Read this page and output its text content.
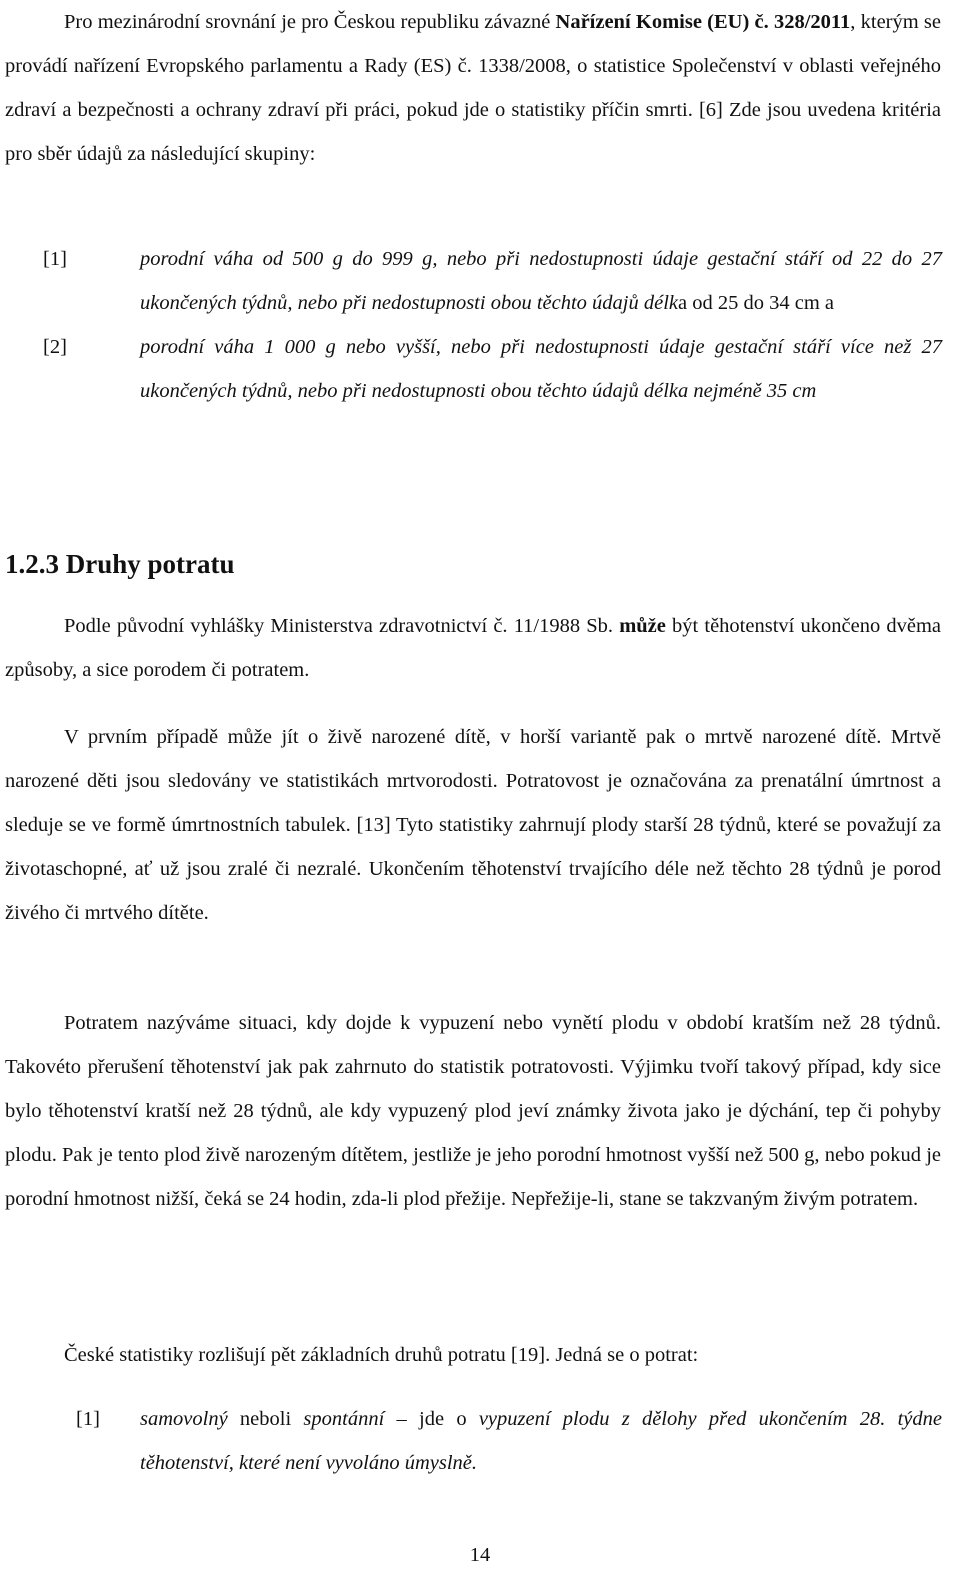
Pro mezinárodní srovnání je pro Českou republiku závazné Nařízení Komise (EU) č. 328/2011, kterým se provádí nařízení Evropského parlamentu a Rady (ES) č. 1338/2008, o statistice Společenství v oblasti veřejného zdraví a bezpečnosti a ochrany zdraví při práci, pokud jde o statistiky příčin smrti. [6] Zde jsou uvedena kritéria pro sběr údajů za následující skupiny:

[1]	porodní váha od 500 g do 999 g, nebo při nedostupnosti údaje gestační stáří od 22 do 27 ukončených týdnů, nebo při nedostupnosti obou těchto údajů délka od 25 do 34 cm a

[2]	porodní váha 1 000 g nebo vyšší, nebo při nedostupnosti údaje gestační stáří více než 27 ukončených týdnů, nebo při nedostupnosti obou těchto údajů délka nejméně 35 cm

1.2.3 Druhy potratu

Podle původní vyhlášky Ministerstva zdravotnictví č. 11/1988 Sb. může být těhotenství ukončeno dvěma způsoby, a sice porodem či potratem.

V prvním případě může jít o živě narozené dítě, v horší variantě pak o mrtvě narozené dítě. Mrtvě narozené děti jsou sledovány ve statistikách mrtvorodosti. Potratovost je označována za prenatální úmrtnost a sleduje se ve formě úmrtnostních tabulek. [13] Tyto statistiky zahrnují plody starší 28 týdnů, které se považují za životaschopné, ať už jsou zralé či nezralé. Ukončením těhotenství trvajícího déle než těchto 28 týdnů je porod živého či mrtvého dítěte.

Potratem nazýváme situaci, kdy dojde k vypuzení nebo vynětí plodu v období kratším než 28 týdnů. Takovéto přerušení těhotenství jak pak zahrnuto do statistik potratovosti. Výjimku tvoří takový případ, kdy sice bylo těhotenství kratší než 28 týdnů, ale kdy vypuzený plod jeví známky života jako je dýchání, tep či pohyby plodu. Pak je tento plod živě narozeným dítětem, jestliže je jeho porodní hmotnost vyšší než 500 g, nebo pokud je porodní hmotnost nižší, čeká se 24 hodin, zda-li plod přežije. Nepřežije-li, stane se takzvaným živým potratem.

České statistiky rozlišují pět základních druhů potratu [19]. Jedná se o potrat:

[1] samovolný neboli spontánní – jde o vypuzení plodu z dělohy před ukončením 28. týdne těhotenství, které není vyvoláno úmyslně.

14
